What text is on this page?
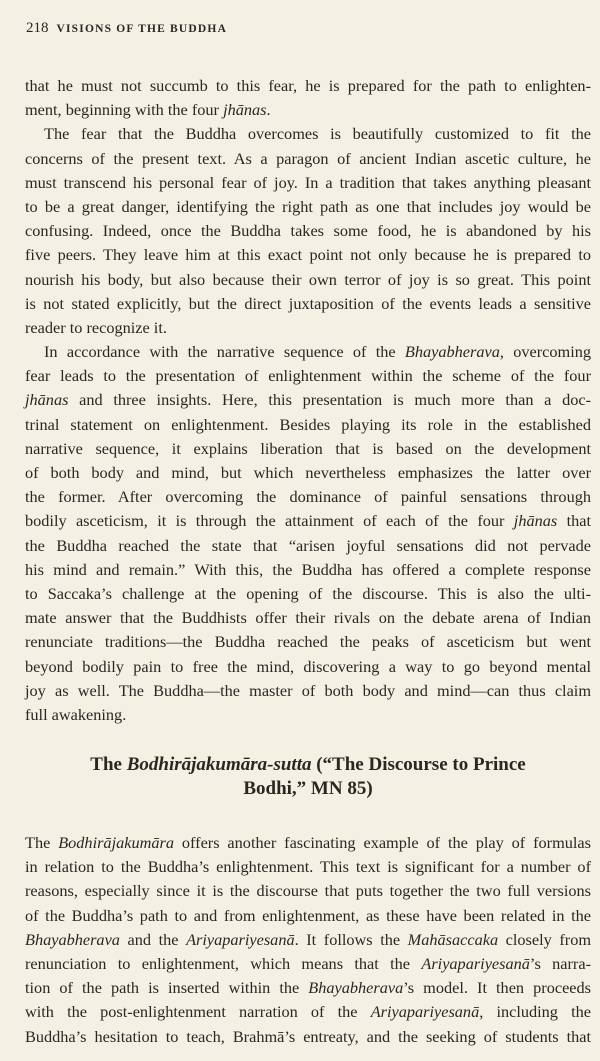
218 VISIONS OF THE BUDDHA
that he must not succumb to this fear, he is prepared for the path to enlighten-
ment, beginning with the four jhānas.
The fear that the Buddha overcomes is beautifully customized to fit the
concerns of the present text. As a paragon of ancient Indian ascetic culture, he
must transcend his personal fear of joy. In a tradition that takes anything pleasant
to be a great danger, identifying the right path as one that includes joy would be
confusing. Indeed, once the Buddha takes some food, he is abandoned by his
five peers. They leave him at this exact point not only because he is prepared to
nourish his body, but also because their own terror of joy is so great. This point
is not stated explicitly, but the direct juxtaposition of the events leads a sensitive
reader to recognize it.
In accordance with the narrative sequence of the Bhayabherava, overcoming
fear leads to the presentation of enlightenment within the scheme of the four
jhānas and three insights. Here, this presentation is much more than a doc-
trinal statement on enlightenment. Besides playing its role in the established
narrative sequence, it explains liberation that is based on the development
of both body and mind, but which nevertheless emphasizes the latter over
the former. After overcoming the dominance of painful sensations through
bodily asceticism, it is through the attainment of each of the four jhānas that
the Buddha reached the state that “arisen joyful sensations did not pervade
his mind and remain.” With this, the Buddha has offered a complete response
to Saccaka’s challenge at the opening of the discourse. This is also the ulti-
mate answer that the Buddhists offer their rivals on the debate arena of Indian
renunciate traditions—the Buddha reached the peaks of asceticism but went
beyond bodily pain to free the mind, discovering a way to go beyond mental
joy as well. The Buddha—the master of both body and mind—can thus claim
full awakening.
The Bodhirājakumāra-sutta (“The Discourse to Prince
Bodhi,” MN 85)
The Bodhirājakumāra offers another fascinating example of the play of formulas
in relation to the Buddha’s enlightenment. This text is significant for a number of
reasons, especially since it is the discourse that puts together the two full versions
of the Buddha’s path to and from enlightenment, as these have been related in the
Bhayabherava and the Ariyapariyesanā. It follows the Mahāsaccaka closely from
renunciation to enlightenment, which means that the Ariyapariyesanā’s narra-
tion of the path is inserted within the Bhayabherava’s model. It then proceeds
with the post-enlightenment narration of the Ariyapariyesanā, including the
Buddha’s hesitation to teach, Brahmā’s entreaty, and the seeking of students that
